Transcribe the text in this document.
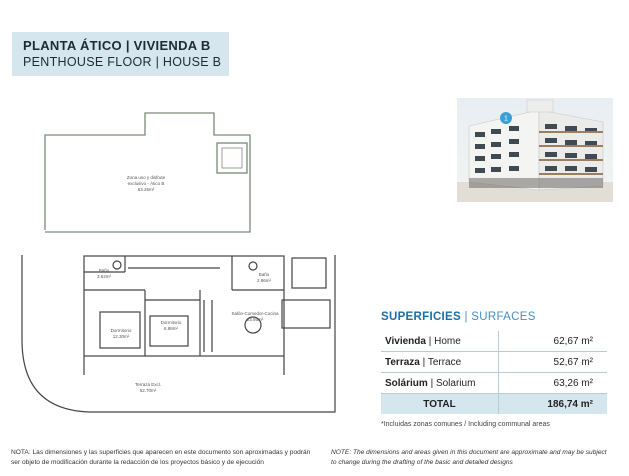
PLANTA ÁTICO | VIVIENDA B
PENTHOUSE FLOOR | HOUSE B
Zona uso y disfrute
exclusivo - Ático B
63.26m²
Baño
3.62m²	Baño
2.96m²
Dormitorio
12.30m²
Dormitorio
8.88m²
Salón-Comedor-Cocina
23.95m²
Terraza Excl.
52.70m²
1
SUPERFICIES | SURFACES
Vivienda | Home	62,67 m²
Terraza | Terrace	52,67 m²
Solárium | Solarium	63,26 m²
TOTAL	186,74 m²
*Incluidas zonas comunes / Including communal areas
NOTA: Las dimensiones y las superficies que aparecen en este documento son aproximadas y podrán ser objeto de modificación durante la redacción de los proyectos básico y de ejecución
NOTE: The dimensions and areas given in this document are approximate and may be subject
to change during the drafting of the basic and detailed designs
